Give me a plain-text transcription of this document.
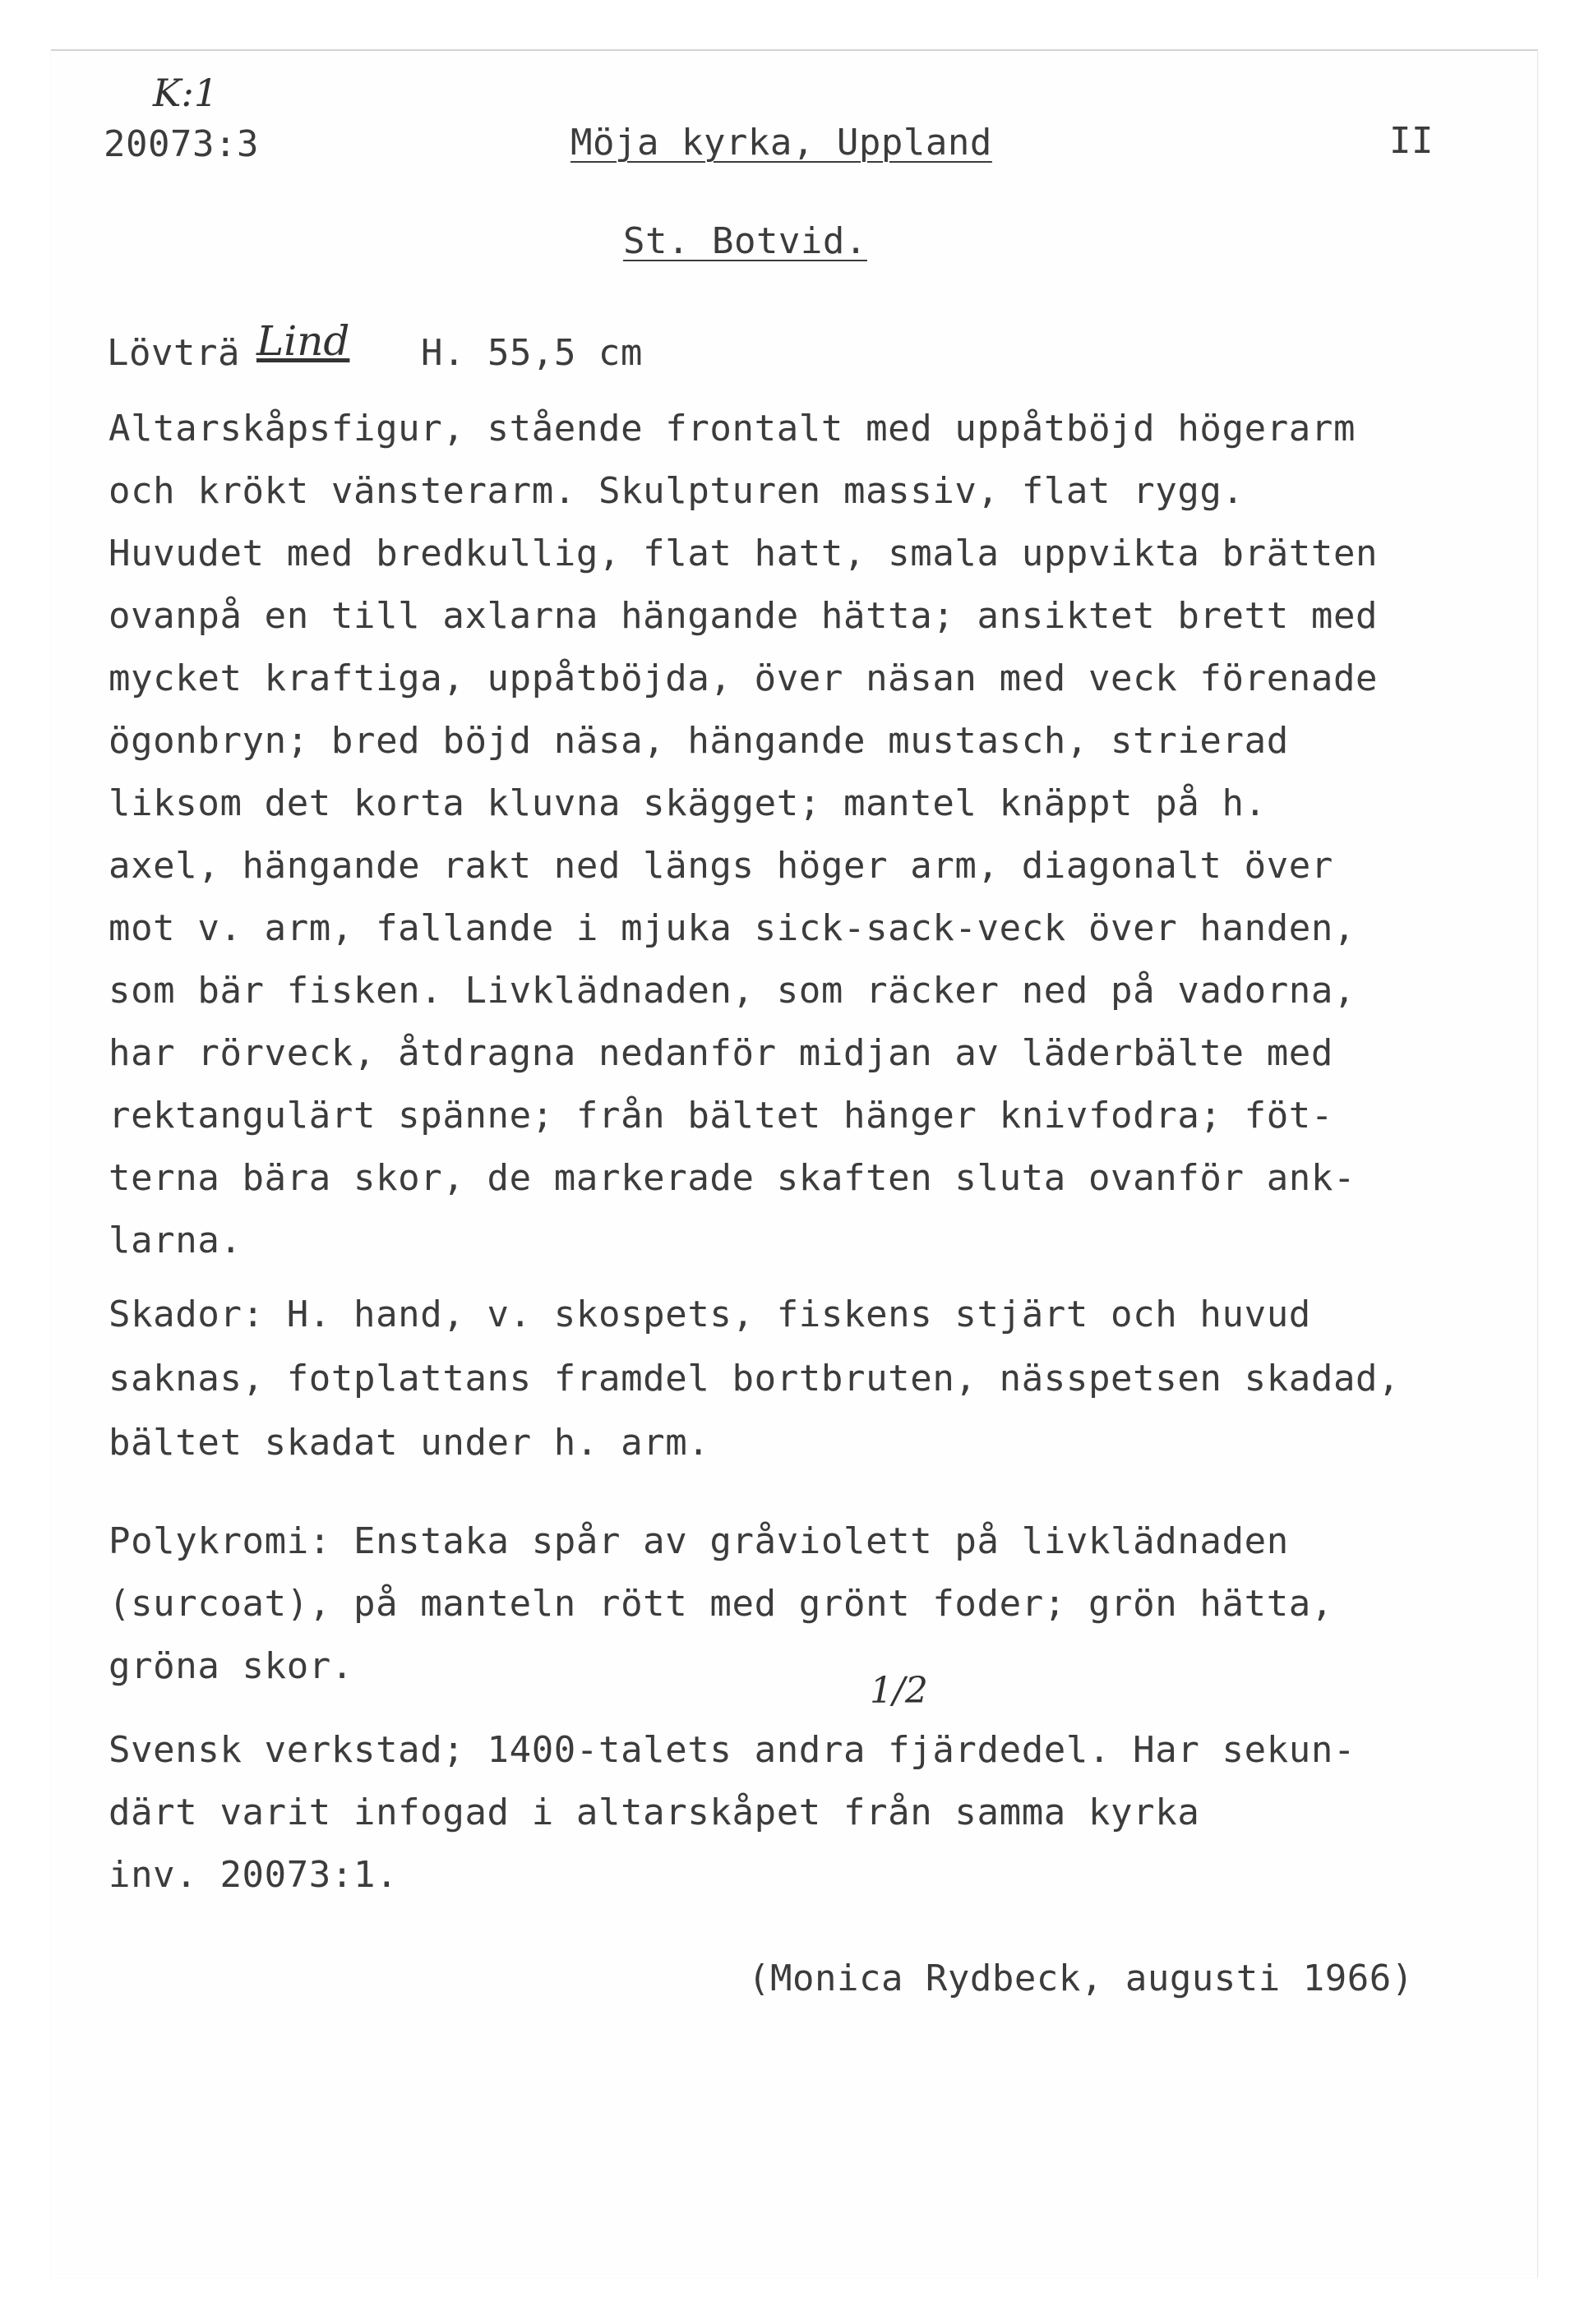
K:1
20073:3	Möja kyrka, Uppland	II
St. Botvid.
Lövträ Lind H. 55,5 cm
Altarskåpsfigur, stående frontalt med uppåtböjd högerarm
och krökt vänsterarm. Skulpturen massiv, flat rygg.
Huvudet med bredkullig, flat hatt, smala uppvikta brätten
ovanpå en till axlarna hängande hätta; ansiktet brett med
mycket kraftiga, uppåtböjda, över näsan med veck förenade
ögonbryn; bred böjd näsa, hängande mustasch, strierad
liksom det korta kluvna skägget; mantel knäppt på h.
axel, hängande rakt ned längs höger arm, diagonalt över
mot v. arm, fallande i mjuka sick-sack-veck över handen,
som bär fisken. Livklädnaden, som räcker ned på vadorna,
har rörveck, åtdragna nedanför midjan av läderbälte med
rektangulärt spänne; från bältet hänger knivfodra; föt-
terna bära skor, de markerade skaften sluta ovanför ank-
larna.
Skador: H. hand, v. skospets, fiskens stjärt och huvud
saknas, fotplattans framdel bortbruten, nässpetsen skadad,
bältet skadat under h. arm.
Polykromi: Enstaka spår av gråviolett på livklädnaden
(surcoat), på manteln rött med grönt foder; grön hätta,
gröna skor.
1/2
Svensk verkstad; 1400-talets andra fjärdedel. Har sekun-
därt varit infogad i altarskåpet från samma kyrka
inv. 20073:1.
(Monica Rydbeck, augusti 1966)
